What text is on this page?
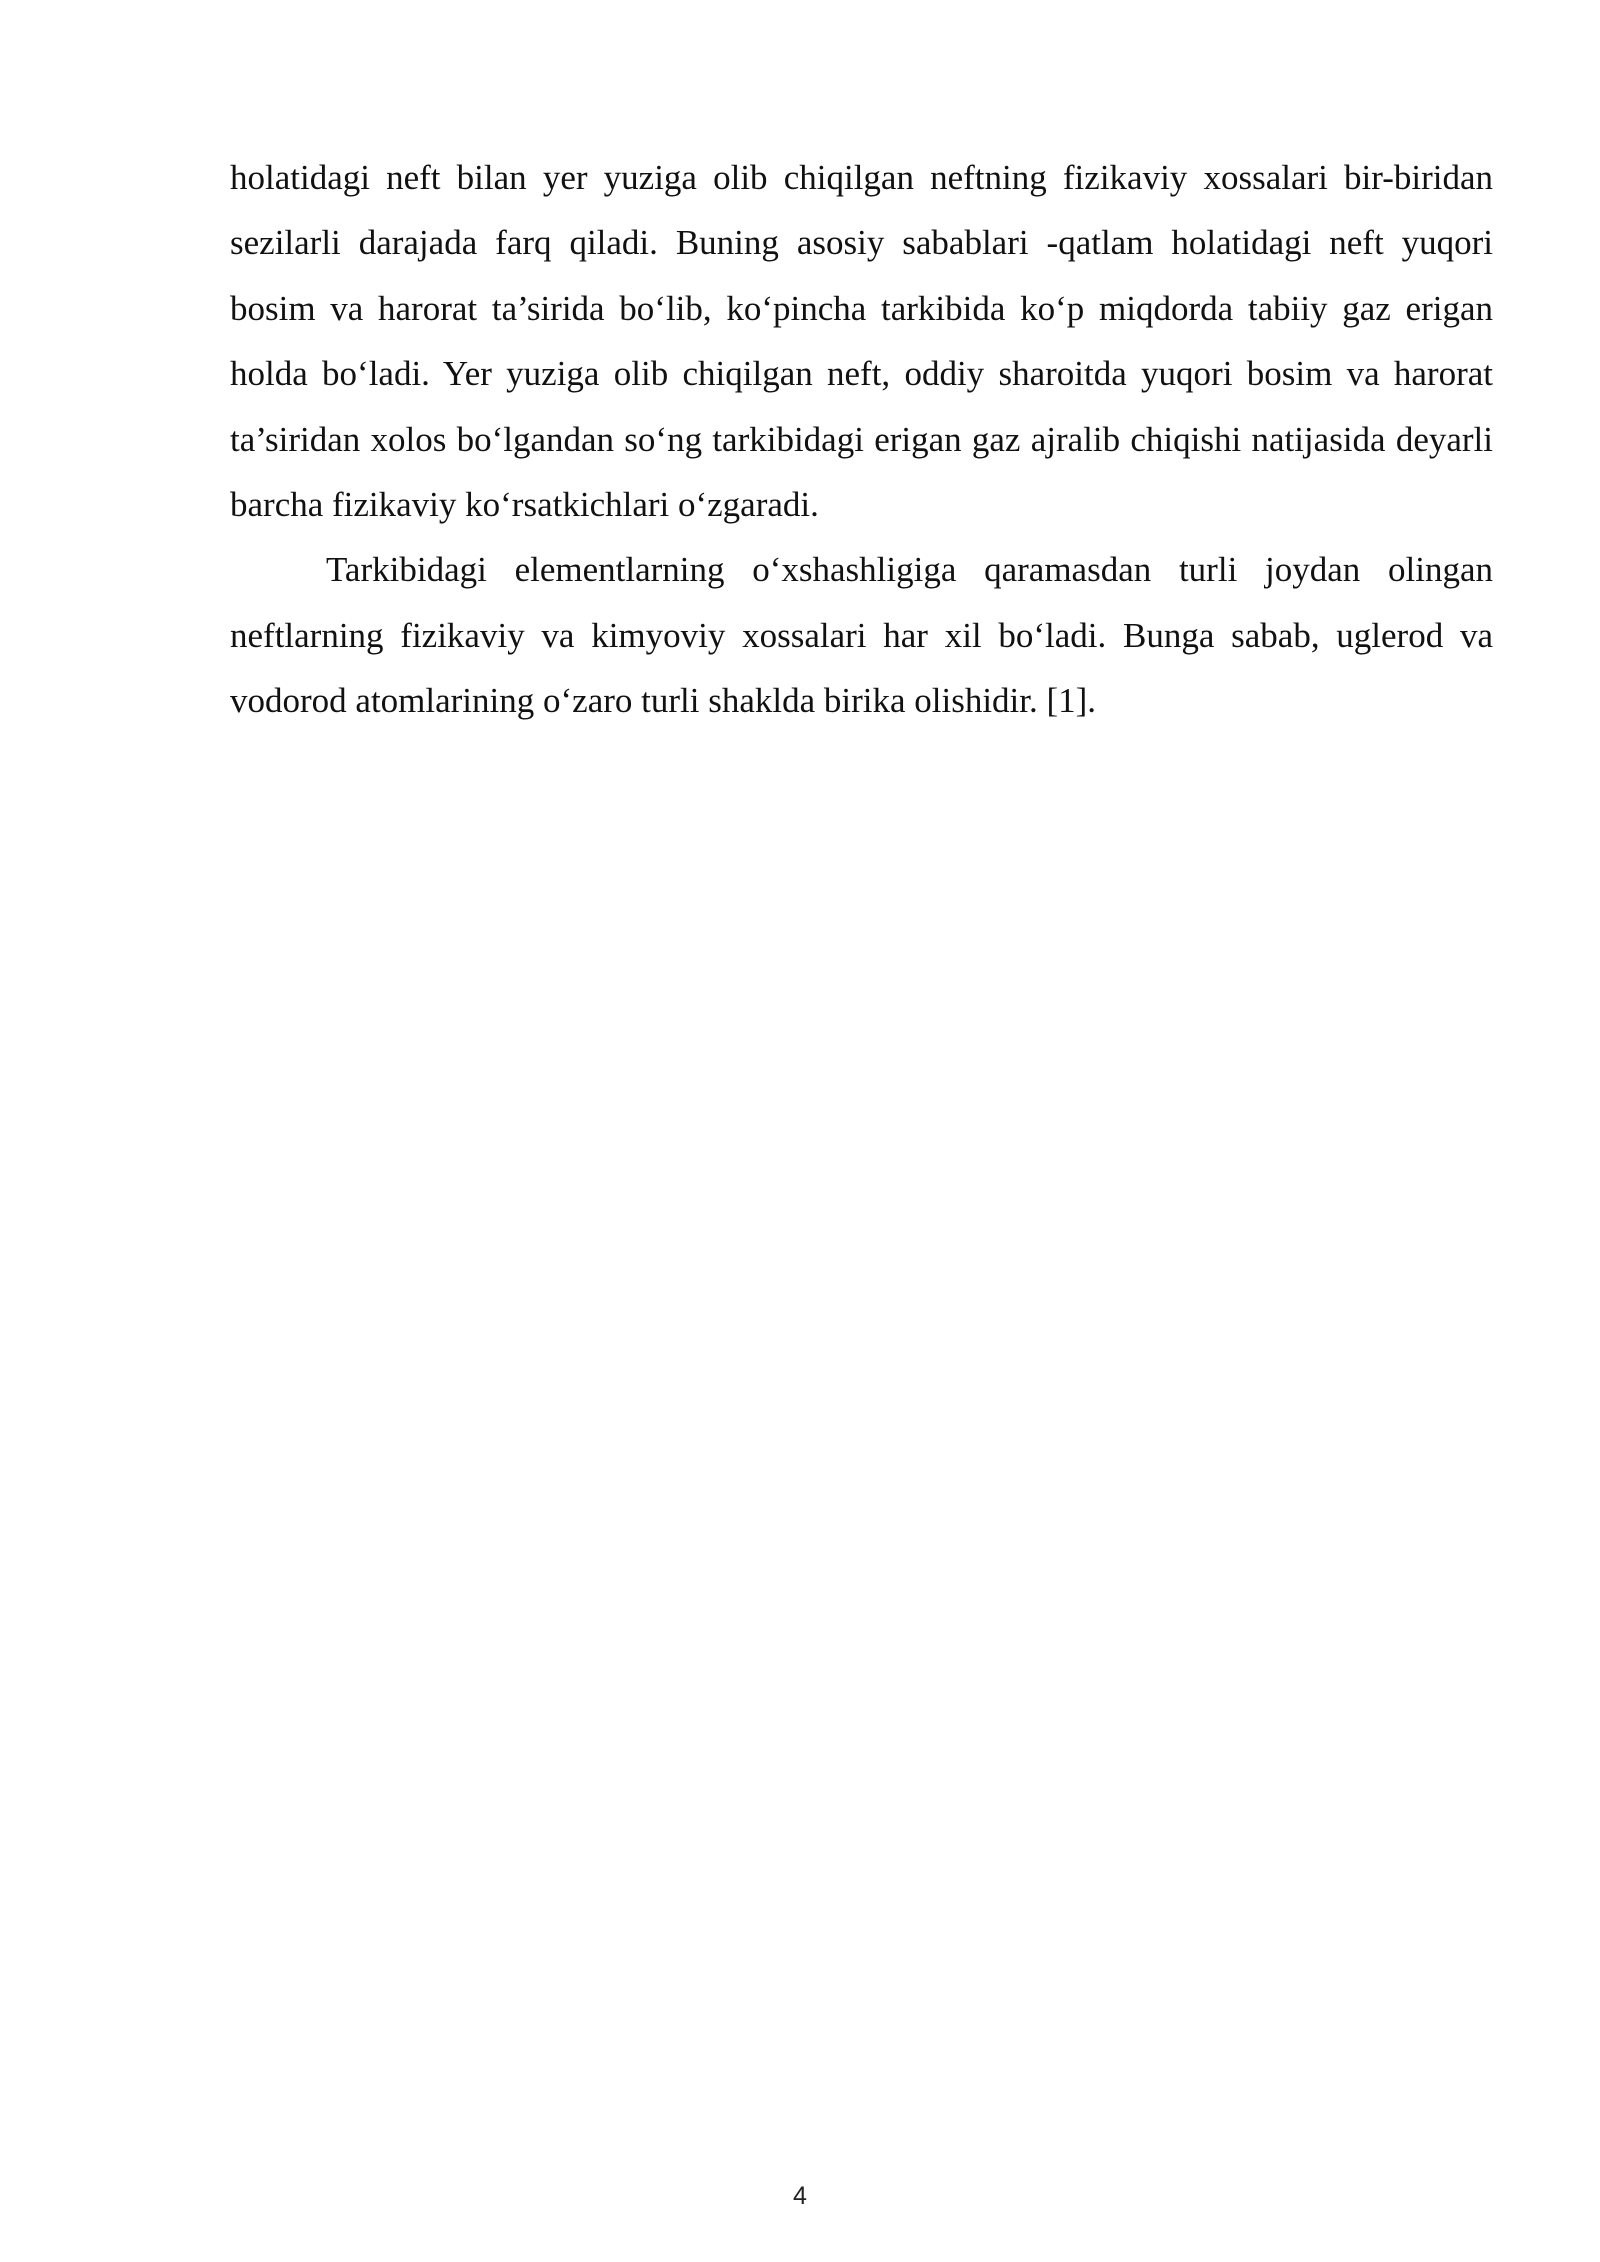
holatidagi neft bilan yer yuziga olib chiqilgan neftning fizikaviy xossalari bir-biridan sezilarli darajada farq qiladi. Buning asosiy sabablari -qatlam holatidagi neft yuqori bosim va harorat ta’sirida bo‘lib, ko‘pincha tarkibida ko‘p miqdorda tabiiy gaz erigan holda bo‘ladi. Yer yuziga olib chiqilgan neft, oddiy sharoitda yuqori bosim va harorat ta’siridan xolos bo‘lgandan so‘ng tarkibidagi erigan gaz ajralib chiqishi natijasida deyarli barcha fizikaviy ko‘rsatkichlari o‘zgaradi.

Tarkibidagi elementlarning o‘xshashligiga qaramasdan turli joydan olingan neftlarning fizikaviy va kimyoviy xossalari har xil bo‘ladi. Bunga sabab, uglerod va vodorod atomlarining o‘zaro turli shaklda birika olishidir. [1].

4
